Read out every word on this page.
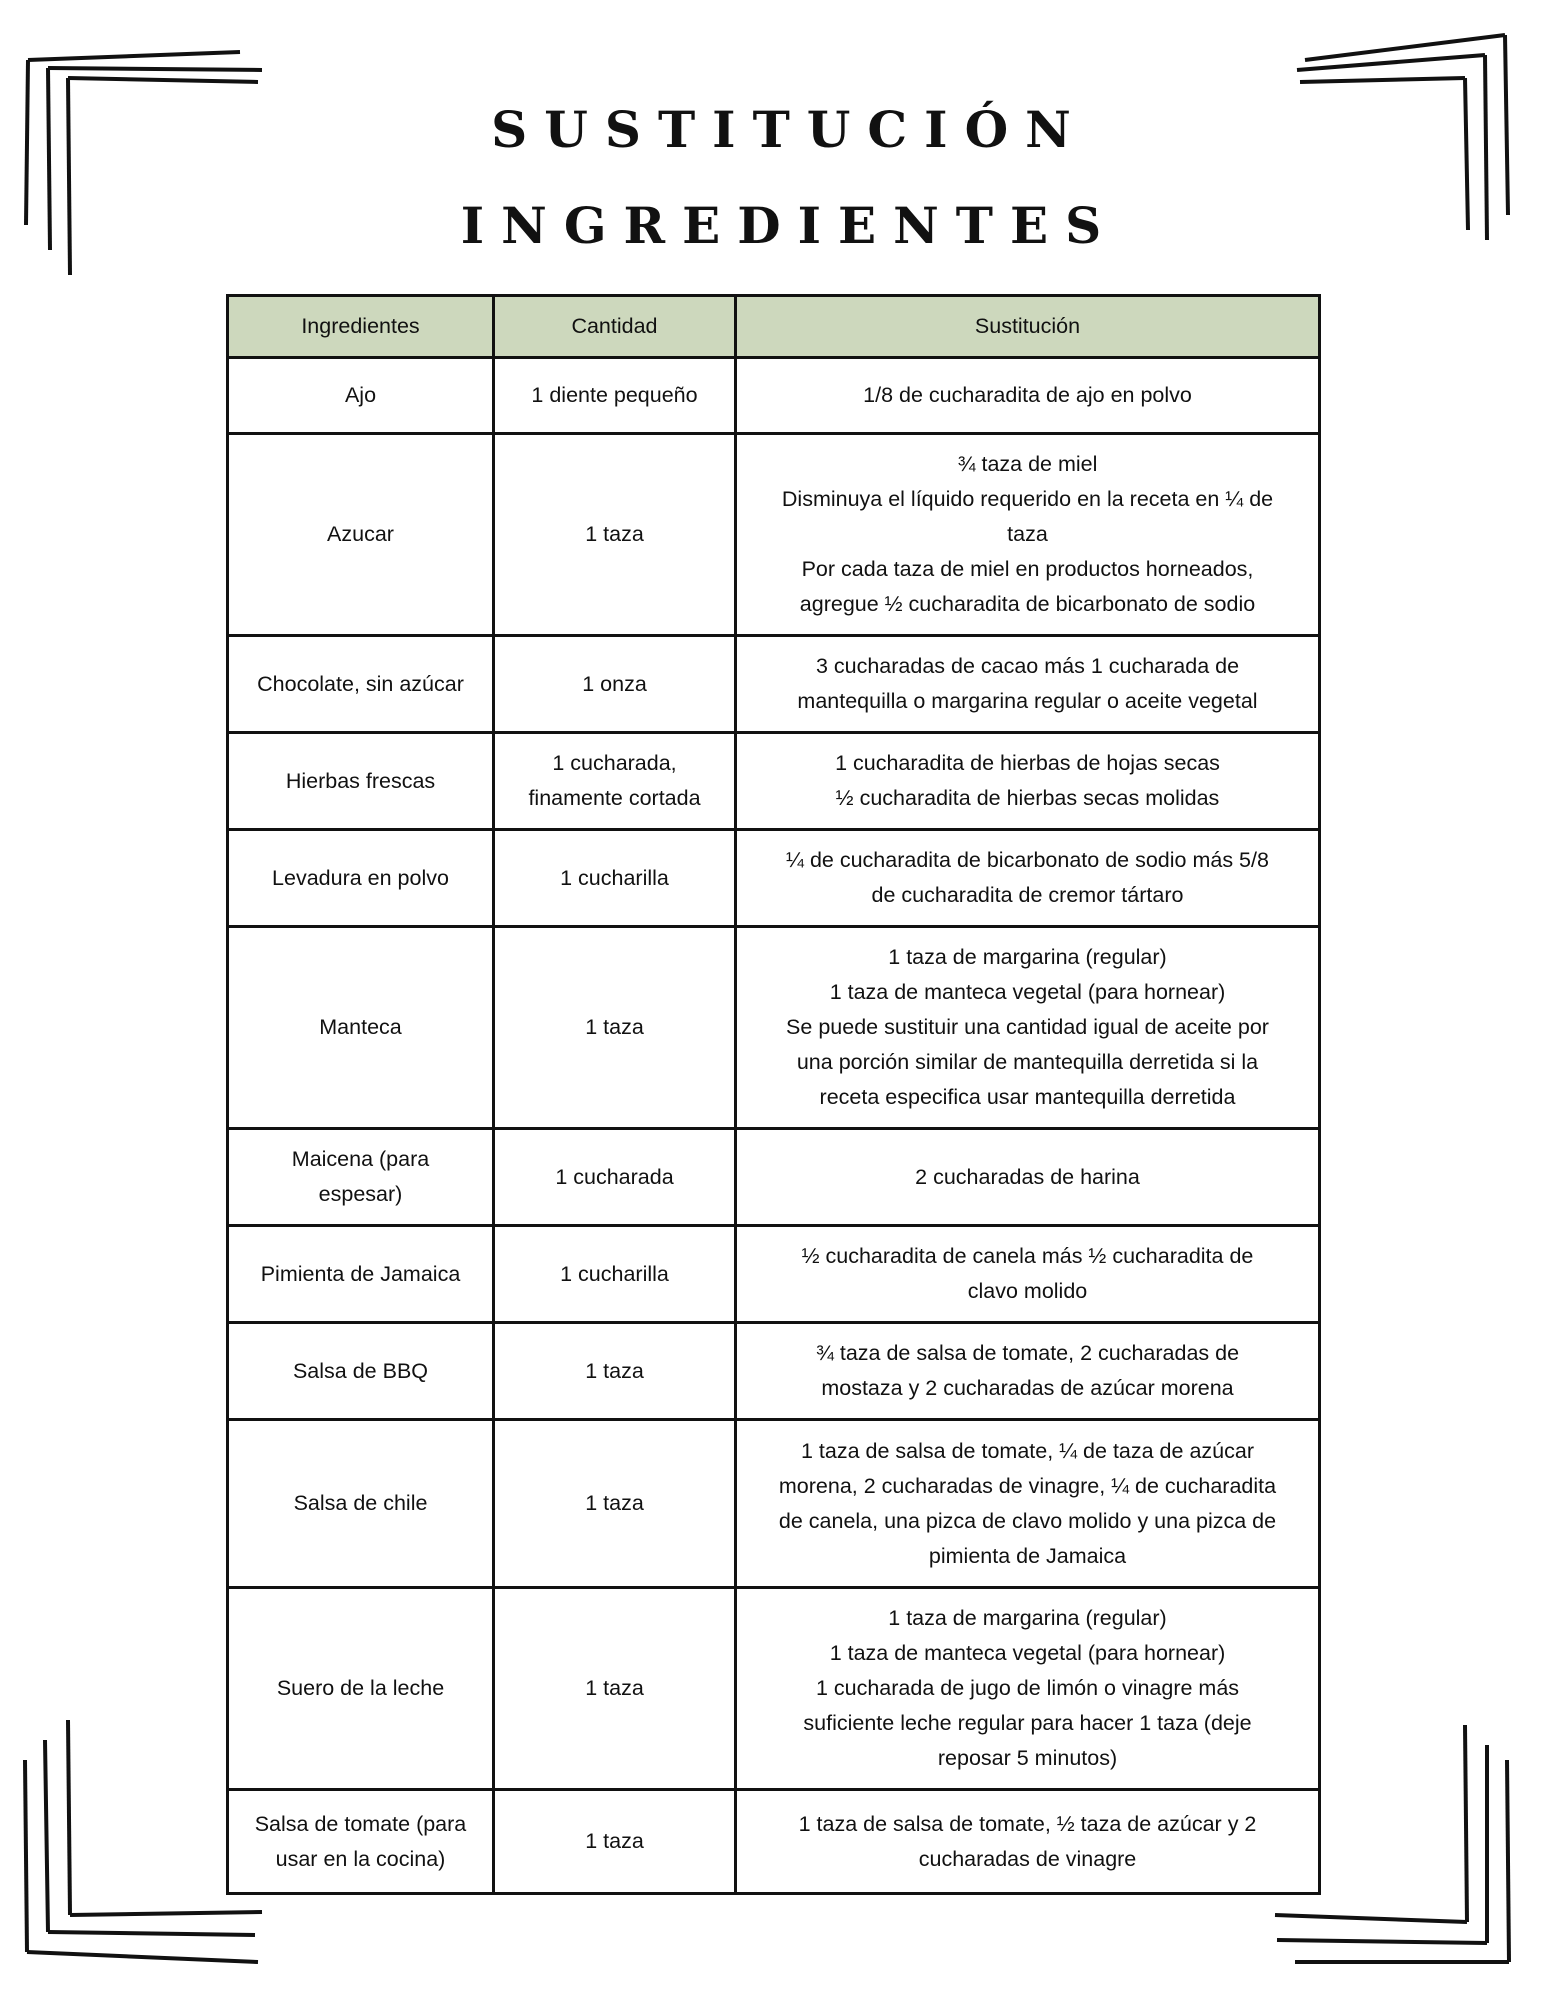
SUSTITUCIÓN
INGREDIENTES
Ingredientes	Cantidad	Sustitución

Ajo	1 diente pequeño	1/8 de cucharadita de ajo en polvo

Azucar	1 taza	¾ taza de miel
Disminuya el líquido requerido en la receta en ¼ de
taza
Por cada taza de miel en productos horneados,
agregue ½ cucharadita de bicarbonato de sodio

Chocolate, sin azúcar	1 onza	3 cucharadas de cacao más 1 cucharada de
mantequilla o margarina regular o aceite vegetal

Hierbas frescas	1 cucharada,
finamente cortada	1 cucharadita de hierbas de hojas secas
½ cucharadita de hierbas secas molidas

Levadura en polvo	1 cucharilla	¼ de cucharadita de bicarbonato de sodio más 5/8
de cucharadita de cremor tártaro

Manteca	1 taza	1 taza de margarina (regular)
1 taza de manteca vegetal (para hornear)
Se puede sustituir una cantidad igual de aceite por
una porción similar de mantequilla derretida si la
receta especifica usar mantequilla derretida

Maicena (para
espesar)	1 cucharada	2 cucharadas de harina

Pimienta de Jamaica	1 cucharilla	½ cucharadita de canela más ½ cucharadita de
clavo molido

Salsa de BBQ	1 taza	¾ taza de salsa de tomate, 2 cucharadas de
mostaza y 2 cucharadas de azúcar morena

Salsa de chile	1 taza	1 taza de salsa de tomate, ¼ de taza de azúcar
morena, 2 cucharadas de vinagre, ¼ de cucharadita
de canela, una pizca de clavo molido y una pizca de
pimienta de Jamaica

Suero de la leche	1 taza	1 taza de margarina (regular)
1 taza de manteca vegetal (para hornear)
1 cucharada de jugo de limón o vinagre más
suficiente leche regular para hacer 1 taza (deje
reposar 5 minutos)

Salsa de tomate (para
usar en la cocina)	1 taza	1 taza de salsa de tomate, ½ taza de azúcar y 2
cucharadas de vinagre
